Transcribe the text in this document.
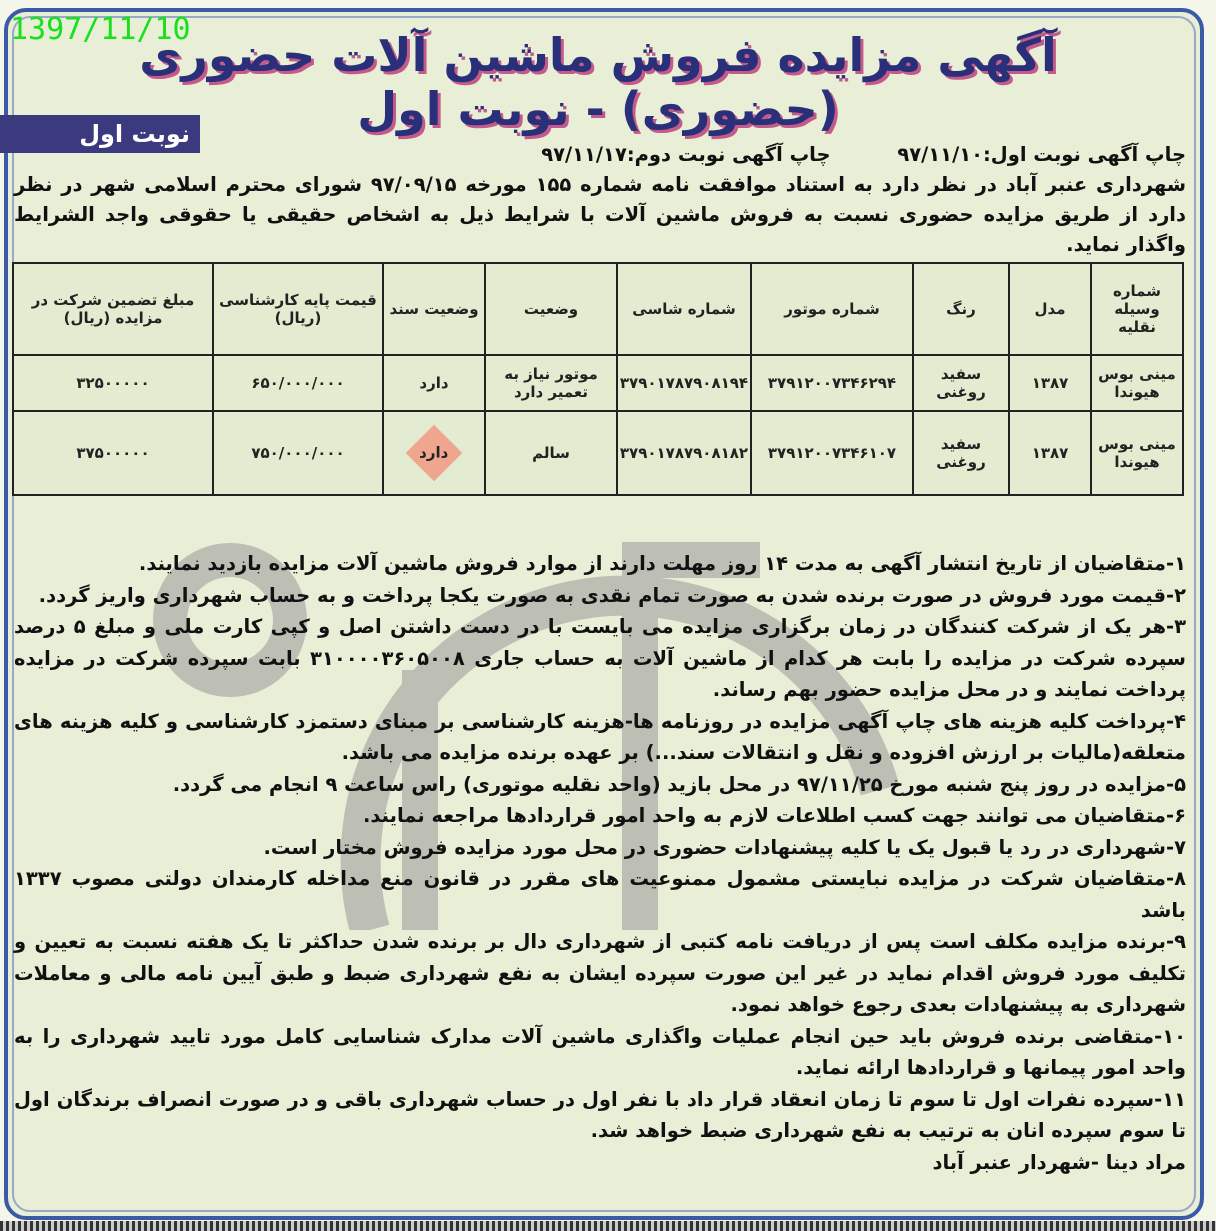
1397/11/10
آگهی مزایده فروش ماشین آلات حضوری (حضوری) - نوبت اول
نوبت اول
چاپ آگهی نوبت اول:۹۷/۱۱/۱۰ چاپ آگهی نوبت دوم:۹۷/۱۱/۱۷
شهرداری عنبر آباد در نظر دارد به استناد موافقت نامه شماره ۱۵۵ مورخه ۹۷/۰۹/۱۵ شورای محترم اسلامی شهر در نظر دارد از طریق مزایده حضوری نسبت به فروش ماشین آلات با شرایط ذیل به اشخاص حقیقی یا حقوقی واجد الشرایط واگذار نماید.
شماره وسیله نقلیه	مدل	رنگ	شماره موتور	شماره شاسی	وضعیت	وضعیت سند	قیمت پایه کارشناسی (ریال)	مبلغ تضمین شرکت در مزایده (ریال)
مینی بوس هیوندا	۱۳۸۷	سفید روغنی	۳۷۹۱۲۰۰۷۳۴۶۲۹۴	۳۷۹۰۱۷۸۷۹۰۸۱۹۴	موتور نیاز به تعمیر دارد	دارد	۶۵۰/۰۰۰/۰۰۰	۳۲۵۰۰۰۰۰
مینی بوس هیوندا	۱۳۸۷	سفید روغنی	۳۷۹۱۲۰۰۷۳۴۶۱۰۷	۳۷۹۰۱۷۸۷۹۰۸۱۸۲	سالم	دارد	۷۵۰/۰۰۰/۰۰۰	۳۷۵۰۰۰۰۰

۱-متقاضیان از تاریخ انتشار آگهی به مدت ۱۴ روز مهلت دارند از موارد فروش ماشین آلات مزایده بازدید نمایند.

۲-قیمت مورد فروش در صورت برنده شدن به صورت تمام نقدی به صورت یکجا پرداخت و به حساب شهرداری واریز گردد.

۳-هر یک از شرکت کنندگان در زمان برگزاری مزایده می بایست با در دست داشتن اصل و کپی کارت ملی و مبلغ ۵ درصد سپرده شرکت در مزایده را بابت هر کدام از ماشین آلات به حساب جاری ۳۱۰۰۰۰۳۶۰۵۰۰۸ بابت سپرده شرکت در مزایده پرداخت نمایند و در محل مزایده حضور بهم رساند.

۴-پرداخت کلیه هزینه های چاپ آگهی مزایده در روزنامه ها-هزینه کارشناسی بر مبنای دستمزد کارشناسی و کلیه هزینه های متعلقه(مالیات بر ارزش افزوده و نقل و انتقالات سند...) بر عهده برنده مزایده می باشد.

۵-مزایده در روز پنج شنبه مورخ ۹۷/۱۱/۲۵ در محل بازید (واحد نقلیه موتوری) راس ساعت ۹ انجام می گردد.

۶-متقاضیان می توانند جهت کسب اطلاعات لازم به واحد امور قراردادها مراجعه نمایند.

۷-شهرداری در رد یا قبول یک یا کلیه پیشنهادات حضوری در محل مورد مزایده فروش مختار است.

۸-متقاضیان شرکت در مزایده نبایستی مشمول ممنوعیت های مقرر در قانون منع مداخله کارمندان دولتی مصوب ۱۳۳۷ باشد

۹-برنده مزایده مکلف است پس از دریافت نامه کتبی از شهرداری دال بر برنده شدن حداکثر تا یک هفته نسبت به تعیین و تکلیف مورد فروش اقدام نماید در غیر این صورت سپرده ایشان به نفع شهرداری ضبط و طبق آیین نامه مالی و معاملات شهرداری به پیشنهادات بعدی رجوع خواهد نمود.

۱۰-متقاضی برنده فروش باید حین انجام عملیات واگذاری ماشین آلات مدارک شناسایی کامل مورد تایید شهرداری را به واحد امور پیمانها و قراردادها ارائه نماید.

۱۱-سپرده نفرات اول تا سوم تا زمان انعقاد قرار داد با نفر اول در حساب شهرداری باقی و در صورت انصراف برندگان اول تا سوم سپرده انان به ترتیب به نفع شهرداری ضبط خواهد شد.

مراد دینا -شهردار عنبر آباد
